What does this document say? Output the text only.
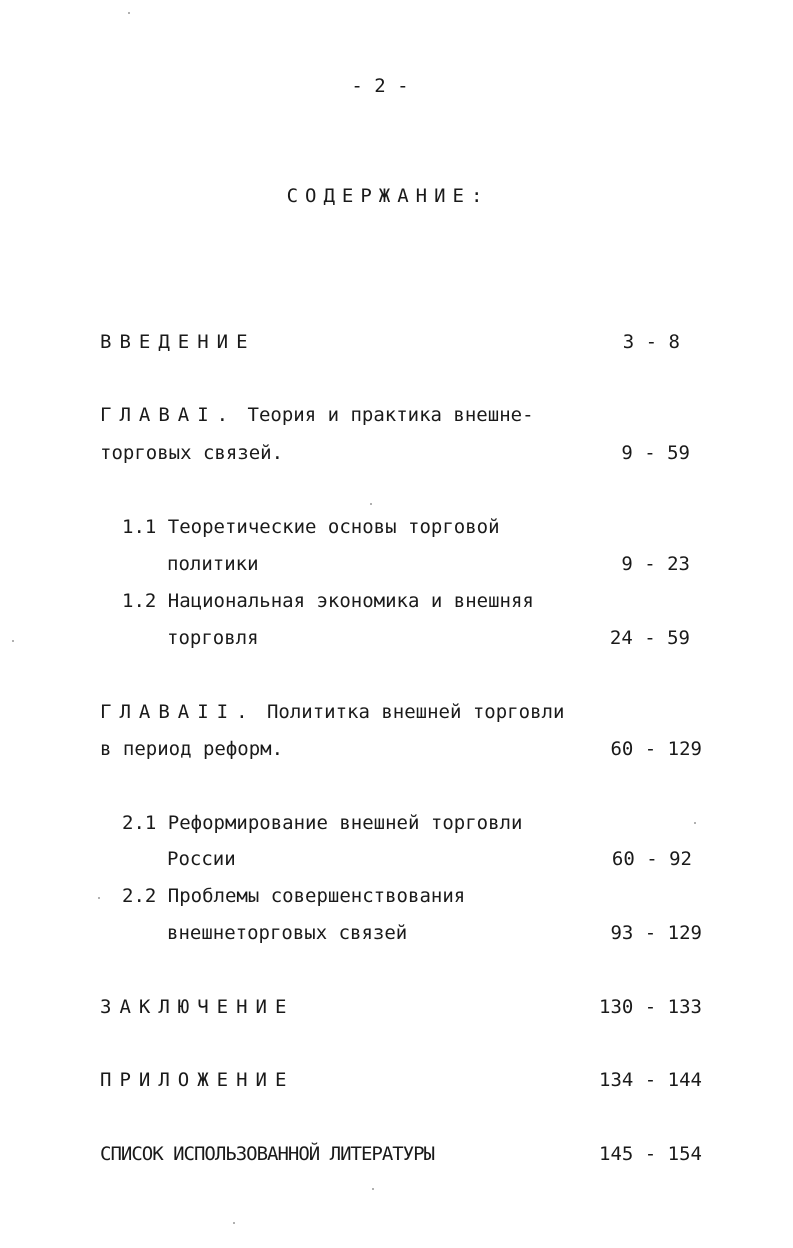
- 2 -
СОДЕРЖАНИЕ:
ВВЕДЕНИЕ	3 - 8
ГЛАВАI. Теория и практика внешне-
торговых связей.	9 - 59
1.1 Теоретические основы торговой
политики	9 - 23
1.2 Национальная экономика и внешняя
торговля	24 - 59
ГЛАВАII. Полититка внешней торговли
в период реформ.	60 - 129
2.1 Реформирование внешней торговли
России	60 - 92
2.2 Проблемы совершенствования
внешнеторговых связей	93 - 129
ЗАКЛЮЧЕНИЕ	130 - 133
ПРИЛОЖЕНИЕ	134 - 144
СПИСОК ИСПОЛЬЗОВАННОЙ ЛИТЕРАТУРЫ	145 - 154
